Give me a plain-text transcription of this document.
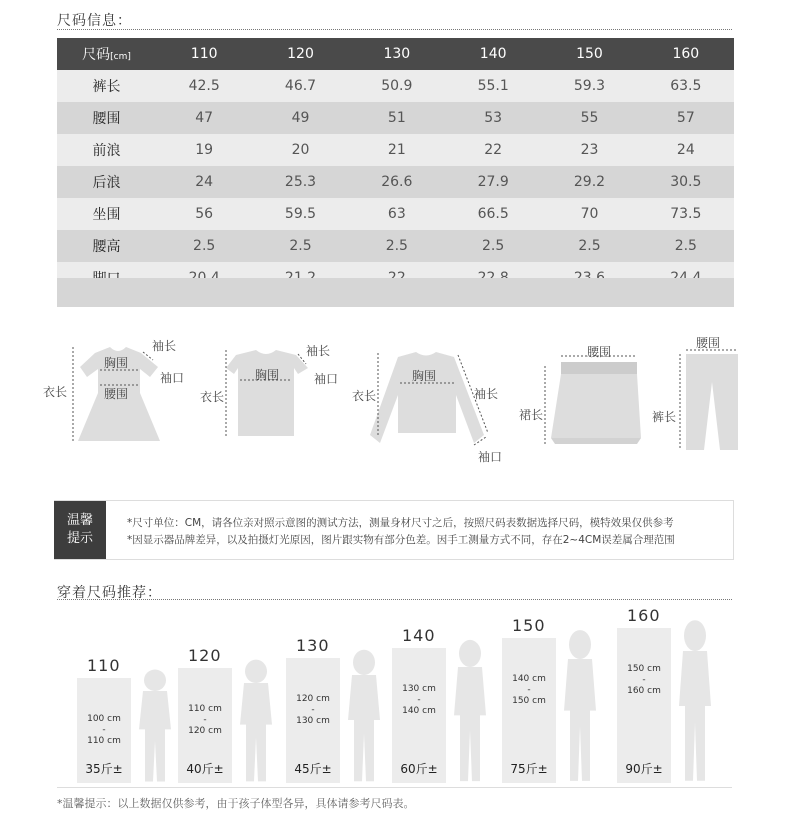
尺码信息：
尺码[cm]	110	120	130	140	150	160
裤长	42.5	46.7	50.9	55.1	59.3	63.5
腰围	47	49	51	53	55	57
前浪	19	20	21	22	23	24
后浪	24	25.3	26.6	27.9	29.2	30.5
坐围	56	59.5	63	66.5	70	73.5
腰高	2.5	2.5	2.5	2.5	2.5	2.5

衣长
袖长
胸围
袖口
腰围	衣长
袖长
胸围	袖口
衣长	袖长
胸围
袖口
腰围
裙长
腰围
裤长
温馨
提示
*尺寸单位：CM，请各位亲对照示意图的测试方法，测量身材尺寸之后，按照尺码表数据选择尺码，模特效果仅供参考
*因显示器品牌差异，以及拍摄灯光原因，图片跟实物有部分色差。因手工测量方式不同，存在2~4CM误差属合理范围
穿着尺码推荐：
110
100 cm
-
110 cm
35斤±
120
110 cm
-
120 cm
40斤±
130
120 cm
-
130 cm
45斤±
140
130 cm
-
140 cm
60斤±
150
140 cm
-
150 cm
75斤±
160
150 cm
-
160 cm
90斤±
*温馨提示：以上数据仅供参考，由于孩子体型各异，具体请参考尺码表。
